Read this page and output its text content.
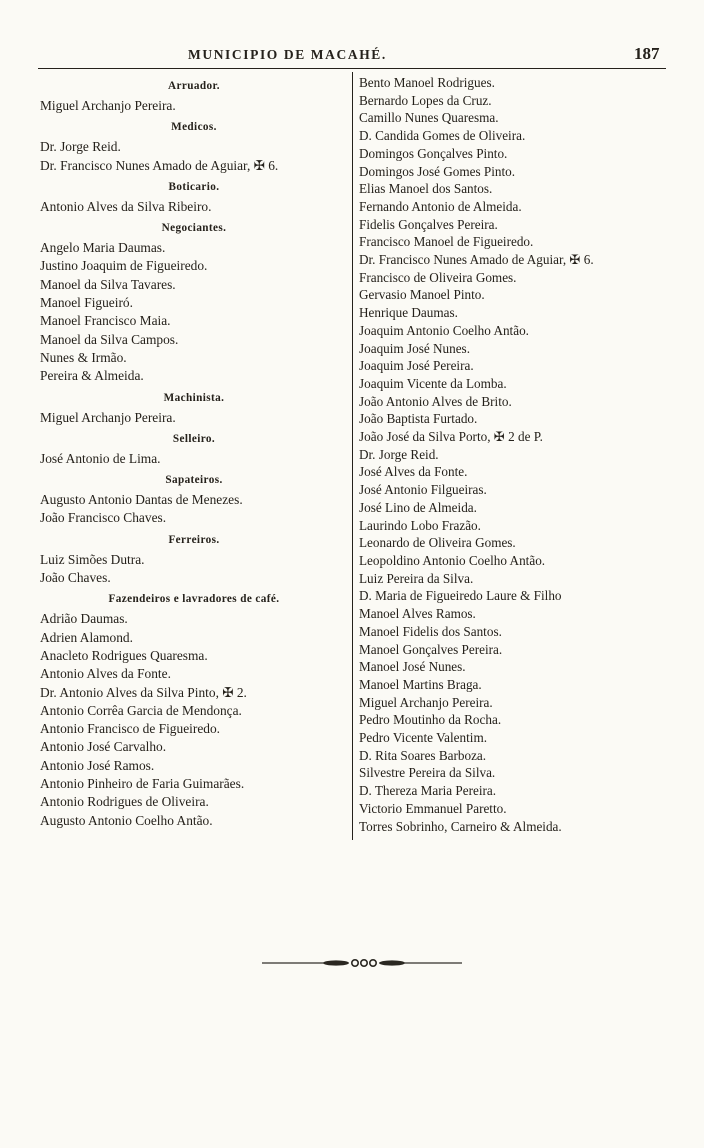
MUNICIPIO DE MACAHÉ.	187
Arruador.
Miguel Archanjo Pereira.
Medicos.
Dr. Jorge Reid.
Dr. Francisco Nunes Amado de Aguiar, ✠ 6.
Boticario.
Antonio Alves da Silva Ribeiro.
Negociantes.
Angelo Maria Daumas.
Justino Joaquim de Figueiredo.
Manoel da Silva Tavares.
Manoel Figueiró.
Manoel Francisco Maia.
Manoel da Silva Campos.
Nunes & Irmão.
Pereira & Almeida.
Machinista.
Miguel Archanjo Pereira.
Selleiro.
José Antonio de Lima.
Sapateiros.
Augusto Antonio Dantas de Menezes.
João Francisco Chaves.
Ferreiros.
Luiz Simões Dutra.
João Chaves.
Fazendeiros e lavradores de café.
Adrião Daumas.
Adrien Alamond.
Anacleto Rodrigues Quaresma.
Antonio Alves da Fonte.
Dr. Antonio Alves da Silva Pinto, ✠ 2.
Antonio Corrêa Garcia de Mendonça.
Antonio Francisco de Figueiredo.
Antonio José Carvalho.
Antonio José Ramos.
Antonio Pinheiro de Faria Guimarães.
Antonio Rodrigues de Oliveira.
Augusto Antonio Coelho Antão.
Bento Manoel Rodrigues.
Bernardo Lopes da Cruz.
Camillo Nunes Quaresma.
D. Candida Gomes de Oliveira.
Domingos Gonçalves Pinto.
Domingos José Gomes Pinto.
Elias Manoel dos Santos.
Fernando Antonio de Almeida.
Fidelis Gonçalves Pereira.
Francisco Manoel de Figueiredo.
Dr. Francisco Nunes Amado de Aguiar, ✠ 6.
Francisco de Oliveira Gomes.
Gervasio Manoel Pinto.
Henrique Daumas.
Joaquim Antonio Coelho Antão.
Joaquim José Nunes.
Joaquim José Pereira.
Joaquim Vicente da Lomba.
João Antonio Alves de Brito.
João Baptista Furtado.
João José da Silva Porto, ✠ 2 de P.
Dr. Jorge Reid.
José Alves da Fonte.
José Antonio Filgueiras.
José Lino de Almeida.
Laurindo Lobo Frazão.
Leonardo de Oliveira Gomes.
Leopoldino Antonio Coelho Antão.
Luiz Pereira da Silva.
D. Maria de Figueiredo Laure & Filho
Manoel Alves Ramos.
Manoel Fidelis dos Santos.
Manoel Gonçalves Pereira.
Manoel José Nunes.
Manoel Martins Braga.
Miguel Archanjo Pereira.
Pedro Moutinho da Rocha.
Pedro Vicente Valentim.
D. Rita Soares Barboza.
Silvestre Pereira da Silva.
D. Thereza Maria Pereira.
Victorio Emmanuel Paretto.
Torres Sobrinho, Carneiro & Almeida.
